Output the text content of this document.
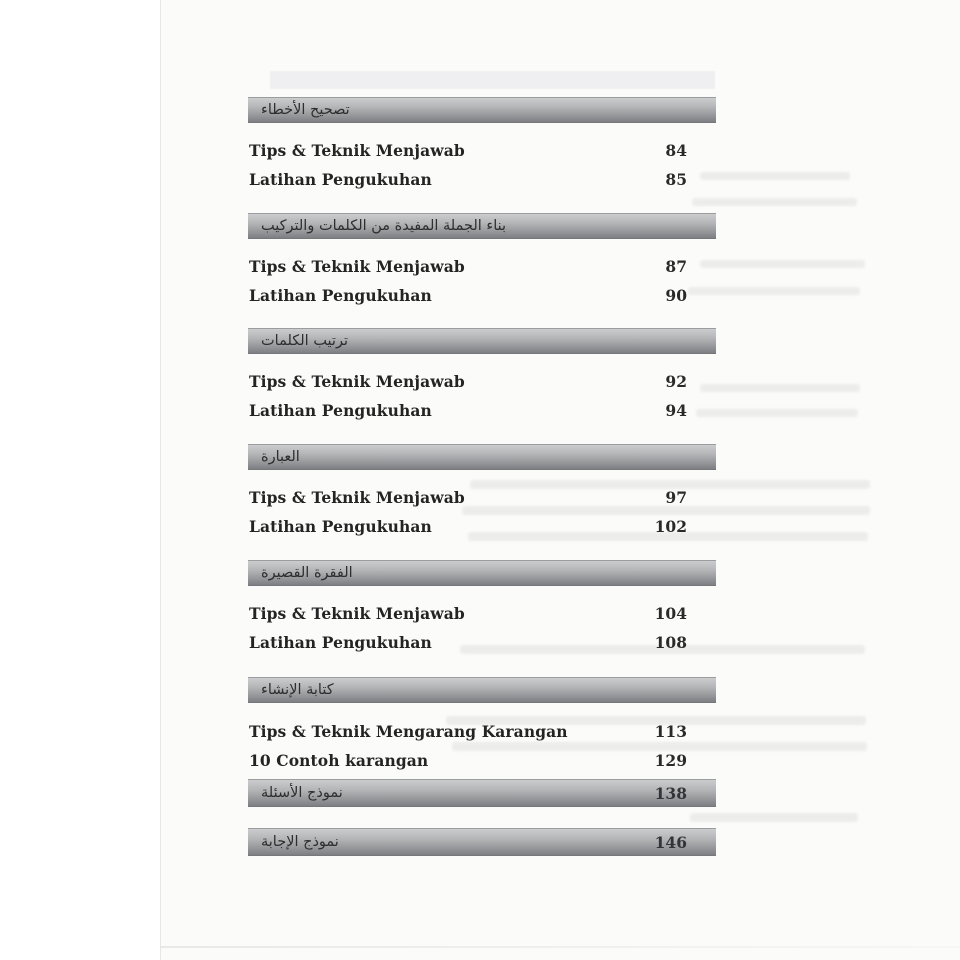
تصحيح الأخطاء
Tips & Teknik Menjawab	84
Latihan Pengukuhan	85
بناء الجملة المفيدة من الكلمات والتركيب
Tips & Teknik Menjawab	87
Latihan Pengukuhan	90
ترتيب الكلمات
Tips & Teknik Menjawab	92
Latihan Pengukuhan	94
العبارة
Tips & Teknik Menjawab	97
Latihan Pengukuhan	102
الفقرة القصيرة
Tips & Teknik Menjawab	104
Latihan Pengukuhan	108
كتابة الإنشاء
Tips & Teknik Mengarang Karangan	113
10 Contoh karangan	129
نموذج الأسئلة	138
نموذج الإجابة	146
